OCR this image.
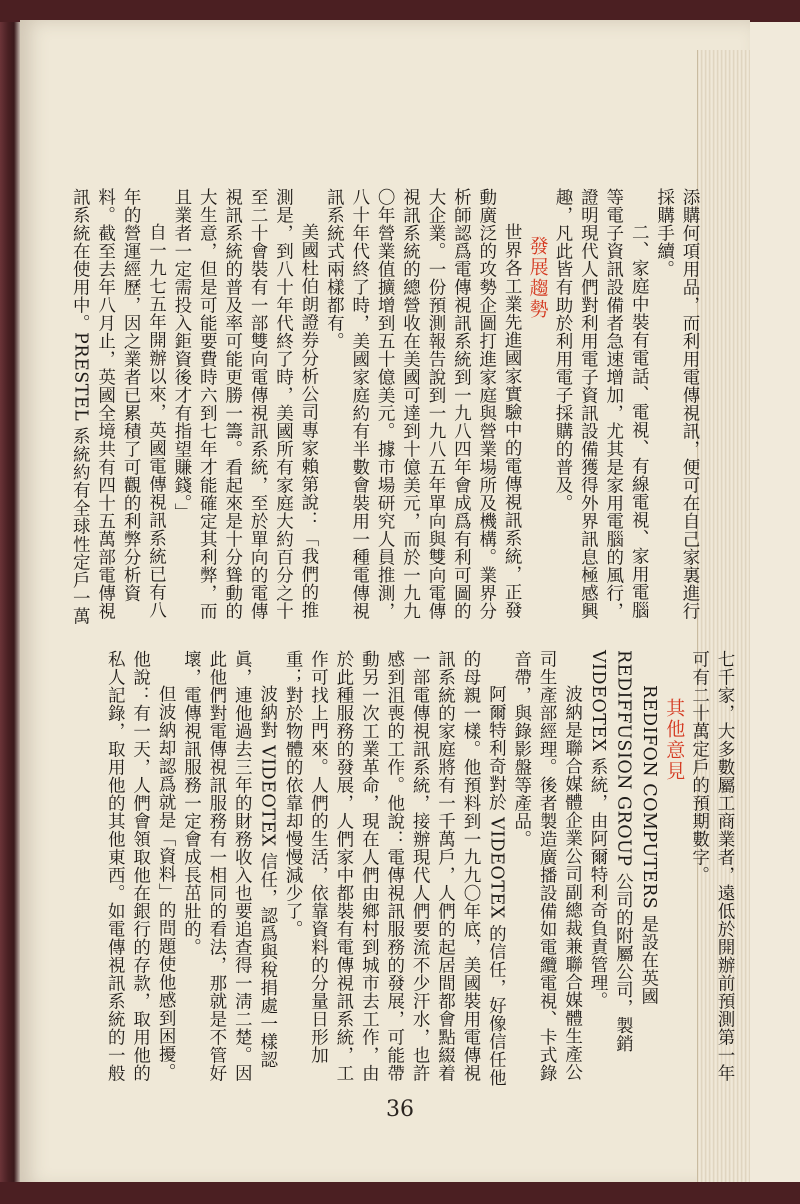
添購何項用品，而利用電傳視訊，便可在自己家裏進行採購手續。

二、家庭中裝有電話、電視、有線電視、家用電腦等電子資訊設備者急速增加，尤其是家用電腦的風行，證明現代人們對利用電子資訊設備獲得外界訊息極感興趣，凡此皆有助於利用電子採購的普及。

發展趨勢

世界各工業先進國家實驗中的電傳視訊系統，正發動廣泛的攻勢企圖打進家庭與營業場所及機構。業界分析師認爲電傳視訊系統到一九八四年會成爲有利可圖的大企業。一份預測報告說到一九八五年單向與雙向電傳視訊系統的總營收在美國可達到十億美元，而於一九九〇年營業值擴增到五十億美元。據市場研究人員推測，八十年代終了時，美國家庭約有半數會裝用一種電傳視訊系統式兩樣都有。

美國杜伯朗證券分析公司專家賴第說：「我們的推測是，到八十年代終了時，美國所有家庭大約百分之十至二十會裝有一部雙向電傳視訊系統，至於單向的電傳視訊系統的普及率可能更勝一籌。看起來是十分聳動的大生意，但是可能要費時六到七年才能確定其利弊，而且業者一定需投入鉅資後才有指望賺錢。」

自一九七五年開辦以來，英國電傳視訊系統已有八年的營運經歷，因之業者已累積了可觀的利弊分析資料。截至去年八月止，英國全境共有四十五萬部電傳視訊系統在使用中。PRESTEL 系統約有全球性定戶一萬

七千家，大多數屬工商業者，遠低於開辦前預測第一年可有二十萬定戶的預期數字。

其他意見

REDIFON COMPUTERS 是設在英國 REDIFFUSION GROUP 公司的附屬公司，製銷 VIDEOTEX 系統，由阿爾特利奇負責管理。

波納是聯合媒體企業公司副總裁兼聯合媒體生產公司生產部經理。後者製造廣播設備如電纜電視、卡式錄音帶，與錄影盤等產品。

阿爾特利奇對於 VIDEOTEX 的信任，好像信任他的母親一樣。他預料到一九九〇年底，美國裝用電傳視訊系統的家庭將有一千萬戶，人們的起居間都會點綴着一部電傳視訊系統，接辦現代人們要流不少汗水，也許感到沮喪的工作。他說：電傳視訊服務的發展，可能帶動另一次工業革命，現在人們由鄉村到城市去工作，由於此種服務的發展，人們家中都裝有電傳視訊系統，工作可找上門來。人們的生活，依靠資料的分量日形加重；對於物體的依靠却慢慢減少了。

波納對 VIDEOTEX 信任，認爲與稅捐處一樣認眞，連他過去三年的財務收入也要追查得一淸二楚。因此他們對電傳視訊服務有一相同的看法，那就是不管好壞，電傳視訊服務一定會成長茁壯的。

但波納却認爲就是「資料」的問題使他感到困擾。他說：有一天，人們會領取他在銀行的存款，取用他的私人記錄，取用他的其他東西。如電傳視訊系統的一般

36
